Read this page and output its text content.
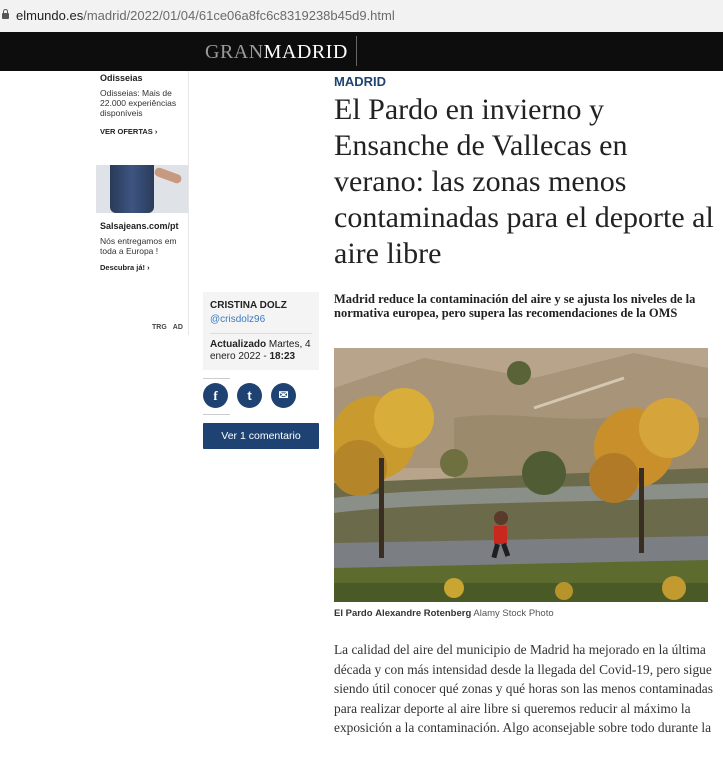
elmundo.es/madrid/2022/01/04/61ce06a8fc6c8319238b45d9.html
GRANMADRID
Odisseias
Odisseias: Mais de 22.000 experiências disponíveis
VER OFERTAS ›
Salsajeans.com/pt
Nós entregamos em toda a Europa !
Descubra já! ›
TRG AD
CRISTINA DOLZ
@crisdolz96
Actualizado Martes, 4 enero 2022 - 18:23
f	t	✉
Ver 1 comentario
MADRID
El Pardo en invierno y Ensanche de Vallecas en verano: las zonas menos contaminadas para el deporte al aire libre

Madrid reduce la contaminación del aire y se ajusta los niveles de la normativa europea, pero supera las recomendaciones de la OMS

El Pardo Alexandre Rotenberg Alamy Stock Photo

La calidad del aire del municipio de Madrid ha mejorado en la última década y con más intensidad desde la llegada del Covid-19, pero sigue siendo útil conocer qué zonas y qué horas son las menos contaminadas para realizar deporte al aire libre si queremos reducir al máximo la exposición a la contaminación. Algo aconsejable sobre todo durante la
